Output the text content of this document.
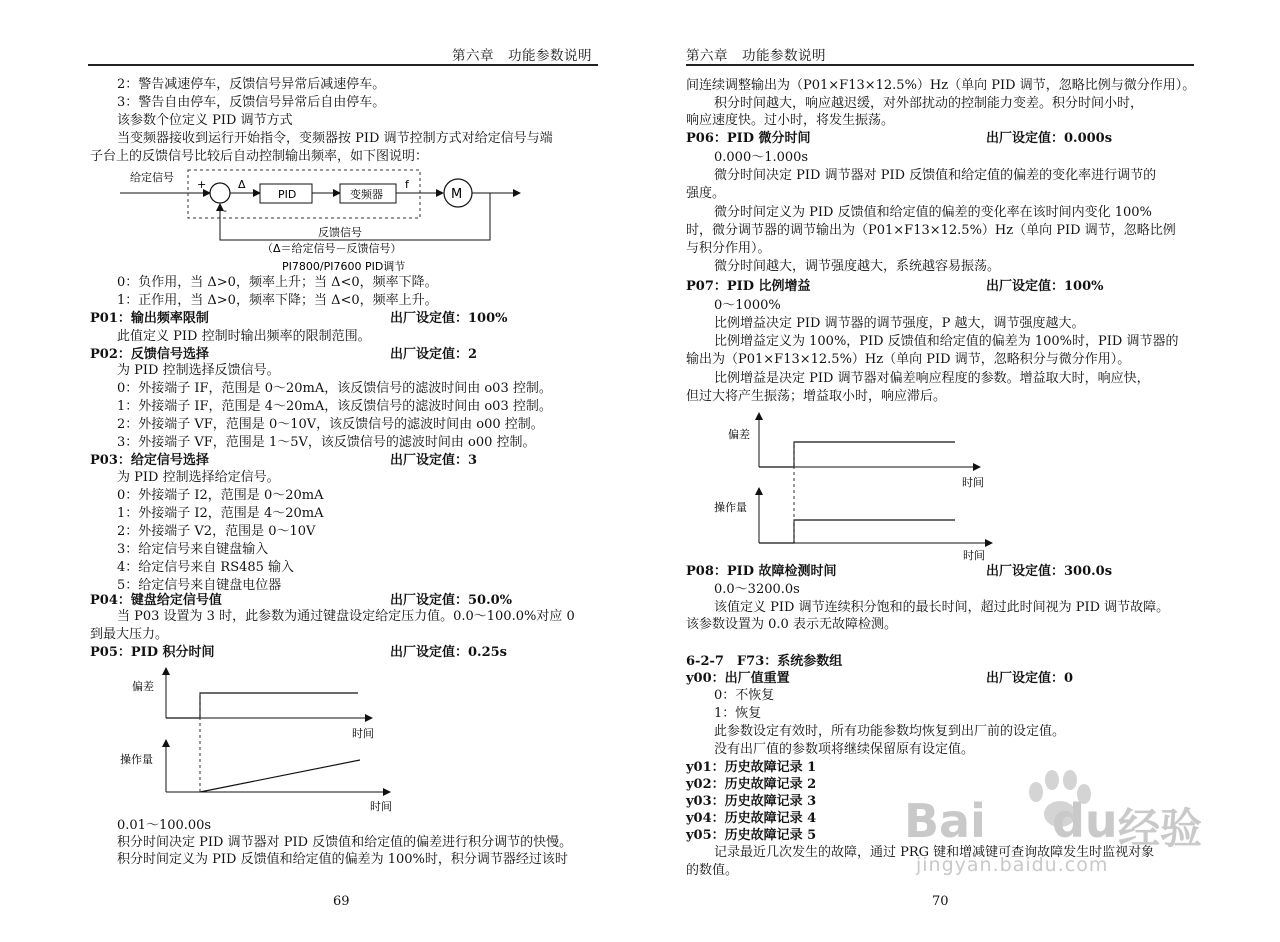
第六章　功能参数说明
2：警告减速停车，反馈信号异常后减速停车。
3：警告自由停车，反馈信号异常后自由停车。
该参数个位定义 PID 调节方式
当变频器接收到运行开始指令，变频器按 PID 调节控制方式对给定信号与端
子台上的反馈信号比较后自动控制输出频率，如下图说明：
给定信号
+	Δ
-
PID	变频器
f
M
反馈信号
（Δ＝给定信号－反馈信号）
PI7800/PI7600 PID调节
0：负作用，当 Δ>0，频率上升；当 Δ<0，频率下降。
1：正作用，当 Δ>0，频率下降；当 Δ<0，频率上升。
P01：输出频率限制	出厂设定值：100%
此值定义 PID 控制时输出频率的限制范围。
P02：反馈信号选择	出厂设定值：2
为 PID 控制选择反馈信号。
0：外接端子 IF，范围是 0～20mA，该反馈信号的滤波时间由 o03 控制。
1：外接端子 IF，范围是 4～20mA，该反馈信号的滤波时间由 o03 控制。
2：外接端子 VF，范围是 0～10V，该反馈信号的滤波时间由 o00 控制。
3：外接端子 VF，范围是 1～5V，该反馈信号的滤波时间由 o00 控制。
P03：给定信号选择	出厂设定值：3
为 PID 控制选择给定信号。
0：外接端子 I2，范围是 0～20mA
1：外接端子 I2，范围是 4～20mA
2：外接端子 V2，范围是 0～10V
3：给定信号来自键盘输入
4：给定信号来自 RS485 输入
5：给定信号来自键盘电位器
P04：键盘给定信号值	出厂设定值：50.0%
当 P03 设置为 3 时，此参数为通过键盘设定给定压力值。0.0～100.0%对应 0
到最大压力。
P05：PID 积分时间	出厂设定值：0.25s
偏差
时间
操作量
时间
0.01～100.00s
积分时间决定 PID 调节器对 PID 反馈值和给定值的偏差进行积分调节的快慢。
积分时间定义为 PID 反馈值和给定值的偏差为 100%时，积分调节器经过该时
69
第六章　功能参数说明
间连续调整输出为（P01×F13×12.5%）Hz（单向 PID 调节，忽略比例与微分作用）。
积分时间越大，响应越迟缓，对外部扰动的控制能力变差。积分时间小时，
响应速度快。过小时，将发生振荡。
P06：PID 微分时间	出厂设定值：0.000s
0.000～1.000s
微分时间决定 PID 调节器对 PID 反馈值和给定值的偏差的变化率进行调节的
强度。
微分时间定义为 PID 反馈值和给定值的偏差的变化率在该时间内变化 100%
时，微分调节器的调节输出为（P01×F13×12.5%）Hz（单向 PID 调节，忽略比例
与积分作用）。
微分时间越大，调节强度越大，系统越容易振荡。
P07：PID 比例增益	出厂设定值：100%
0～1000%
比例增益决定 PID 调节器的调节强度，P 越大，调节强度越大。
比例增益定义为 100%，PID 反馈值和给定值的偏差为 100%时，PID 调节器的
输出为（P01×F13×12.5%）Hz（单向 PID 调节，忽略积分与微分作用）。
比例增益是决定 PID 调节器对偏差响应程度的参数。增益取大时，响应快，
但过大将产生振荡；增益取小时，响应滞后。
偏差
时间
操作量
时间
P08：PID 故障检测时间	出厂设定值：300.0s
0.0～3200.0s
该值定义 PID 调节连续积分饱和的最长时间，超过此时间视为 PID 调节故障。
该参数设置为 0.0 表示无故障检测。
6-2-7　F73：系统参数组
y00：出厂值重置	出厂设定值：0
0：不恢复
1：恢复
此参数设定有效时，所有功能参数均恢复到出厂前的设定值。
没有出厂值的参数项将继续保留原有设定值。
y01：历史故障记录 1
y02：历史故障记录 2
y03：历史故障记录 3
y04：历史故障记录 4
y05：历史故障记录 5
记录最近几次发生的故障，通过 PRG 键和增减键可查询故障发生时监视对象
的数值。
70
Bai du 经验
jingyan.baidu.com
